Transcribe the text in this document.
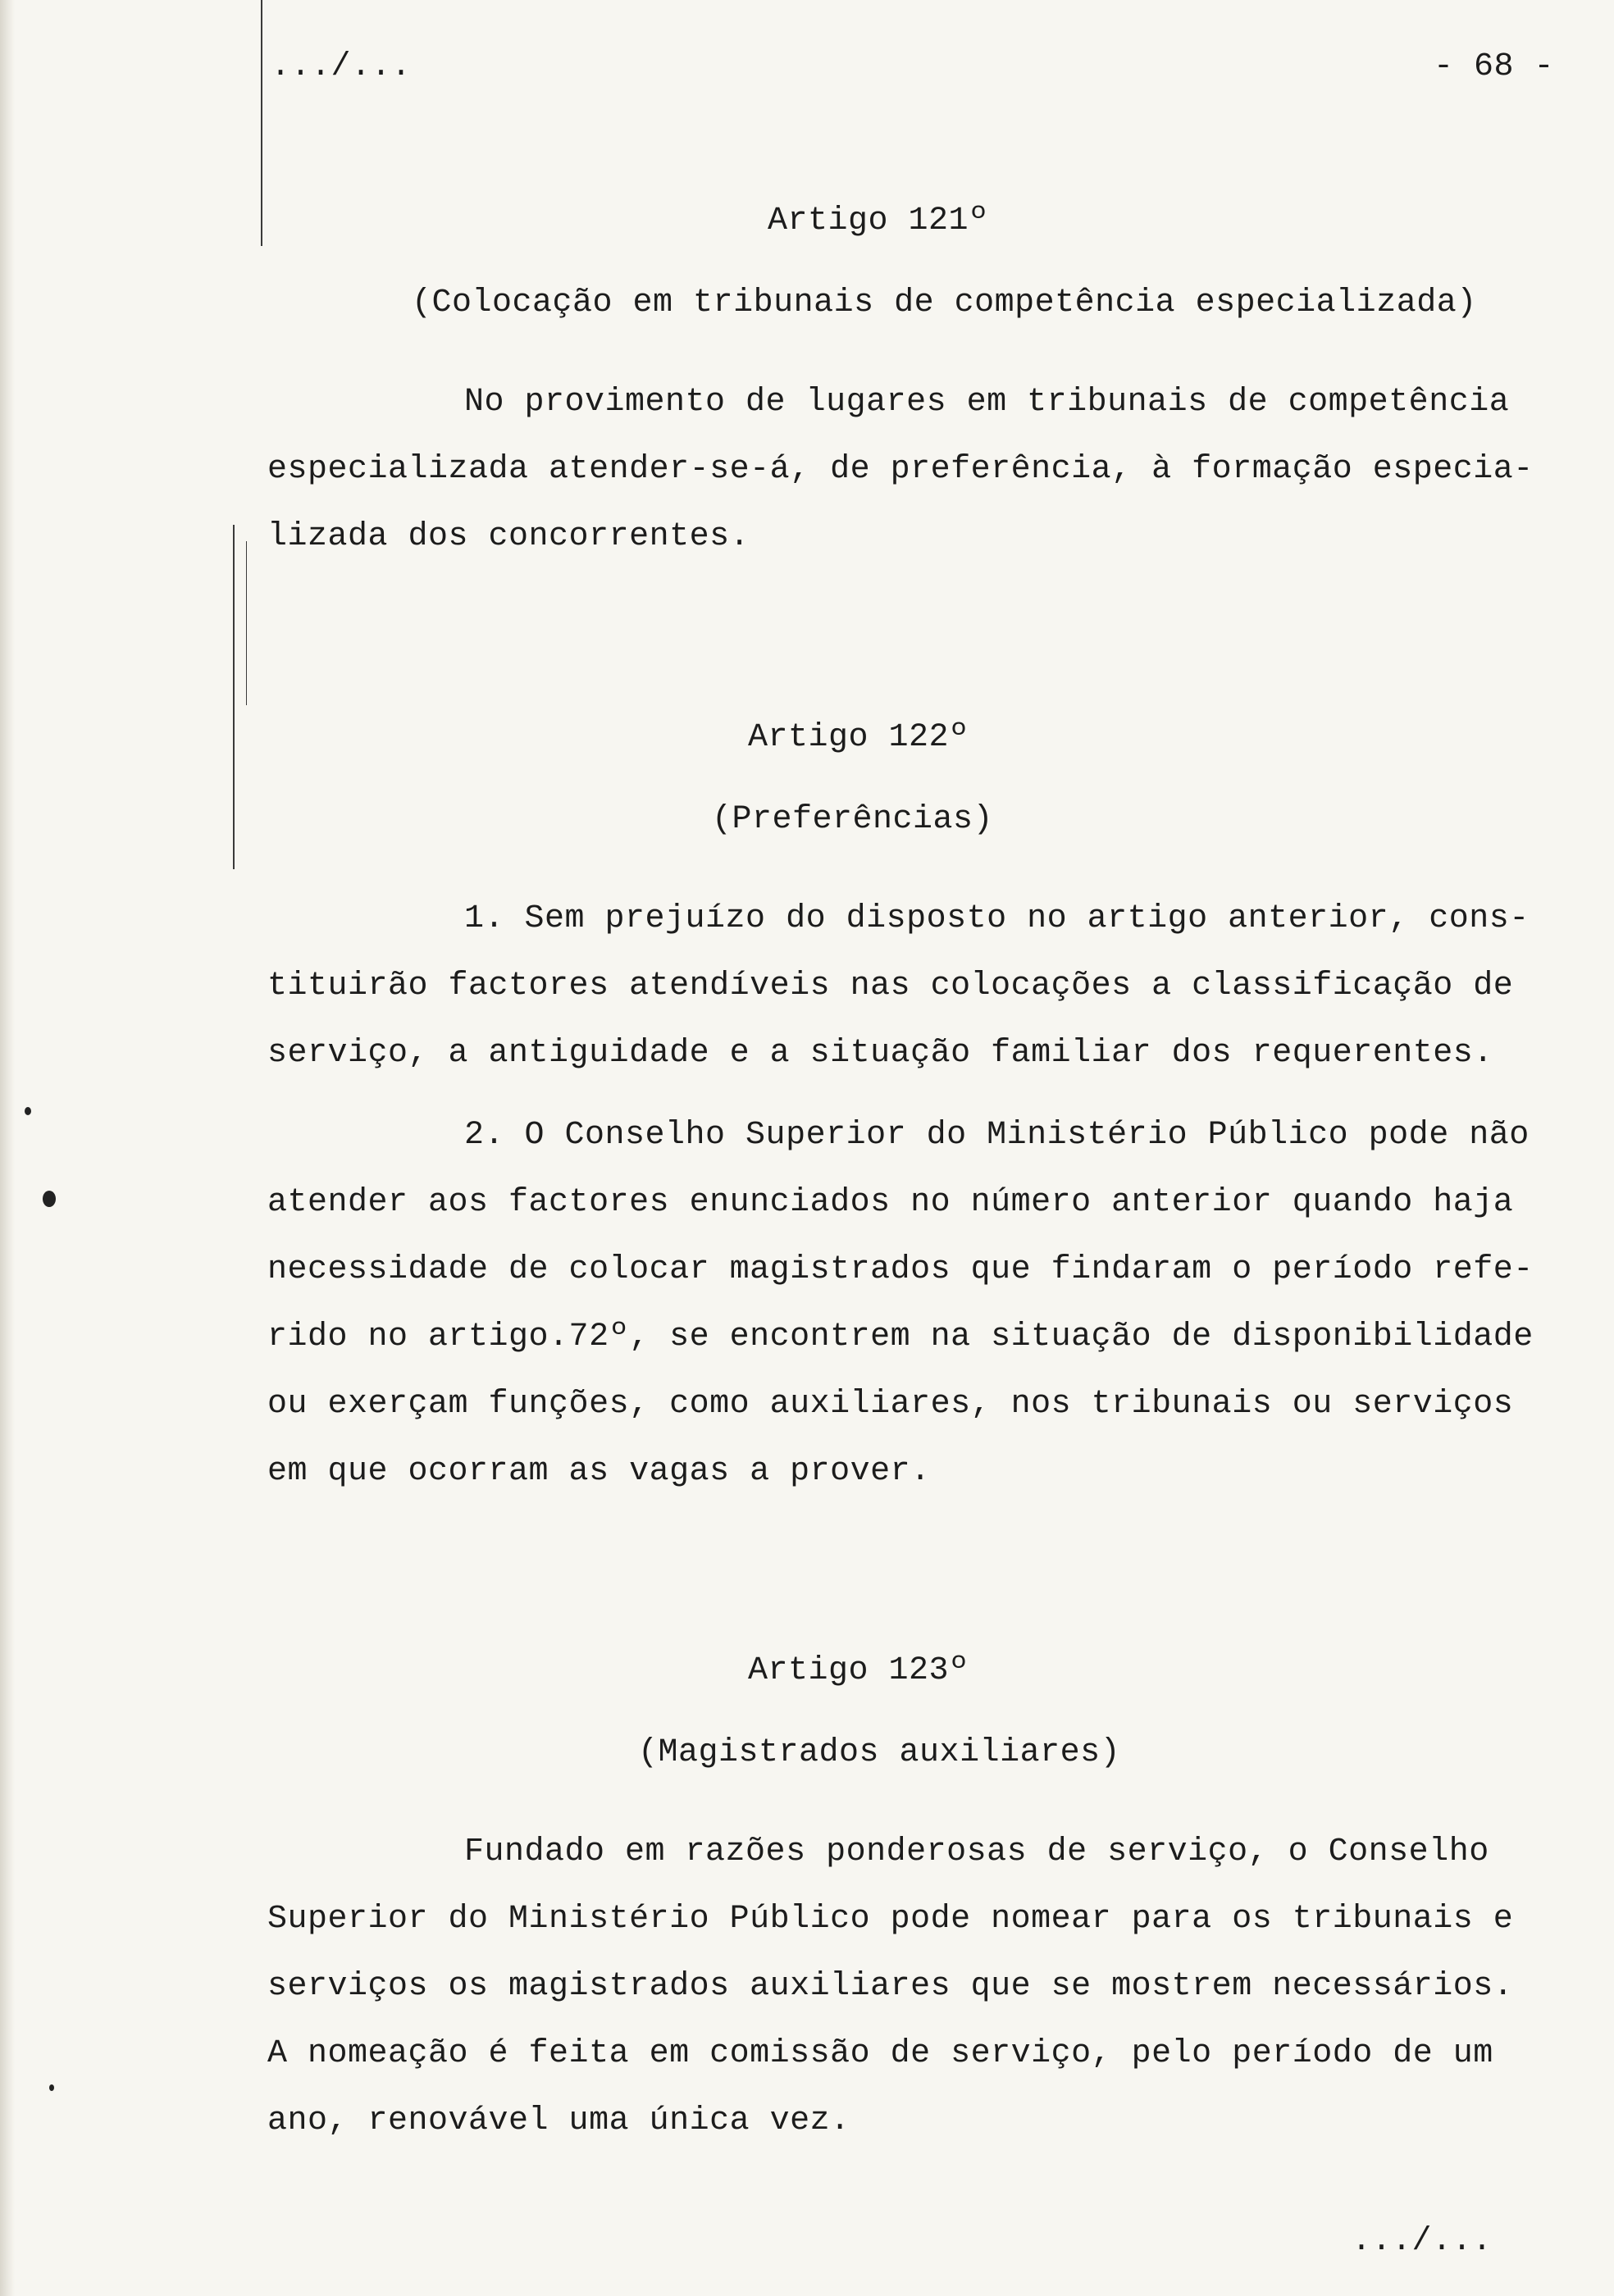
.../...	- 68 -
Artigo 121º
(Colocação em tribunais de competência especializada)
No provimento de lugares em tribunais de competência
especializada atender-se-á, de preferência, à formação especia-
lizada dos concorrentes.
Artigo 122º
(Preferências)
1. Sem prejuízo do disposto no artigo anterior, cons-
tituirão factores atendíveis nas colocações a classificação de
serviço, a antiguidade e a situação familiar dos requerentes.
2. O Conselho Superior do Ministério Público pode não
atender aos factores enunciados no número anterior quando haja
necessidade de colocar magistrados que findaram o período refe-
rido no artigo.72º, se encontrem na situação de disponibilidade
ou exerçam funções, como auxiliares, nos tribunais ou serviços
em que ocorram as vagas a prover.
Artigo 123º
(Magistrados auxiliares)
Fundado em razões ponderosas de serviço, o Conselho
Superior do Ministério Público pode nomear para os tribunais e
serviços os magistrados auxiliares que se mostrem necessários.
A nomeação é feita em comissão de serviço, pelo período de um
ano, renovável uma única vez.
.../...
